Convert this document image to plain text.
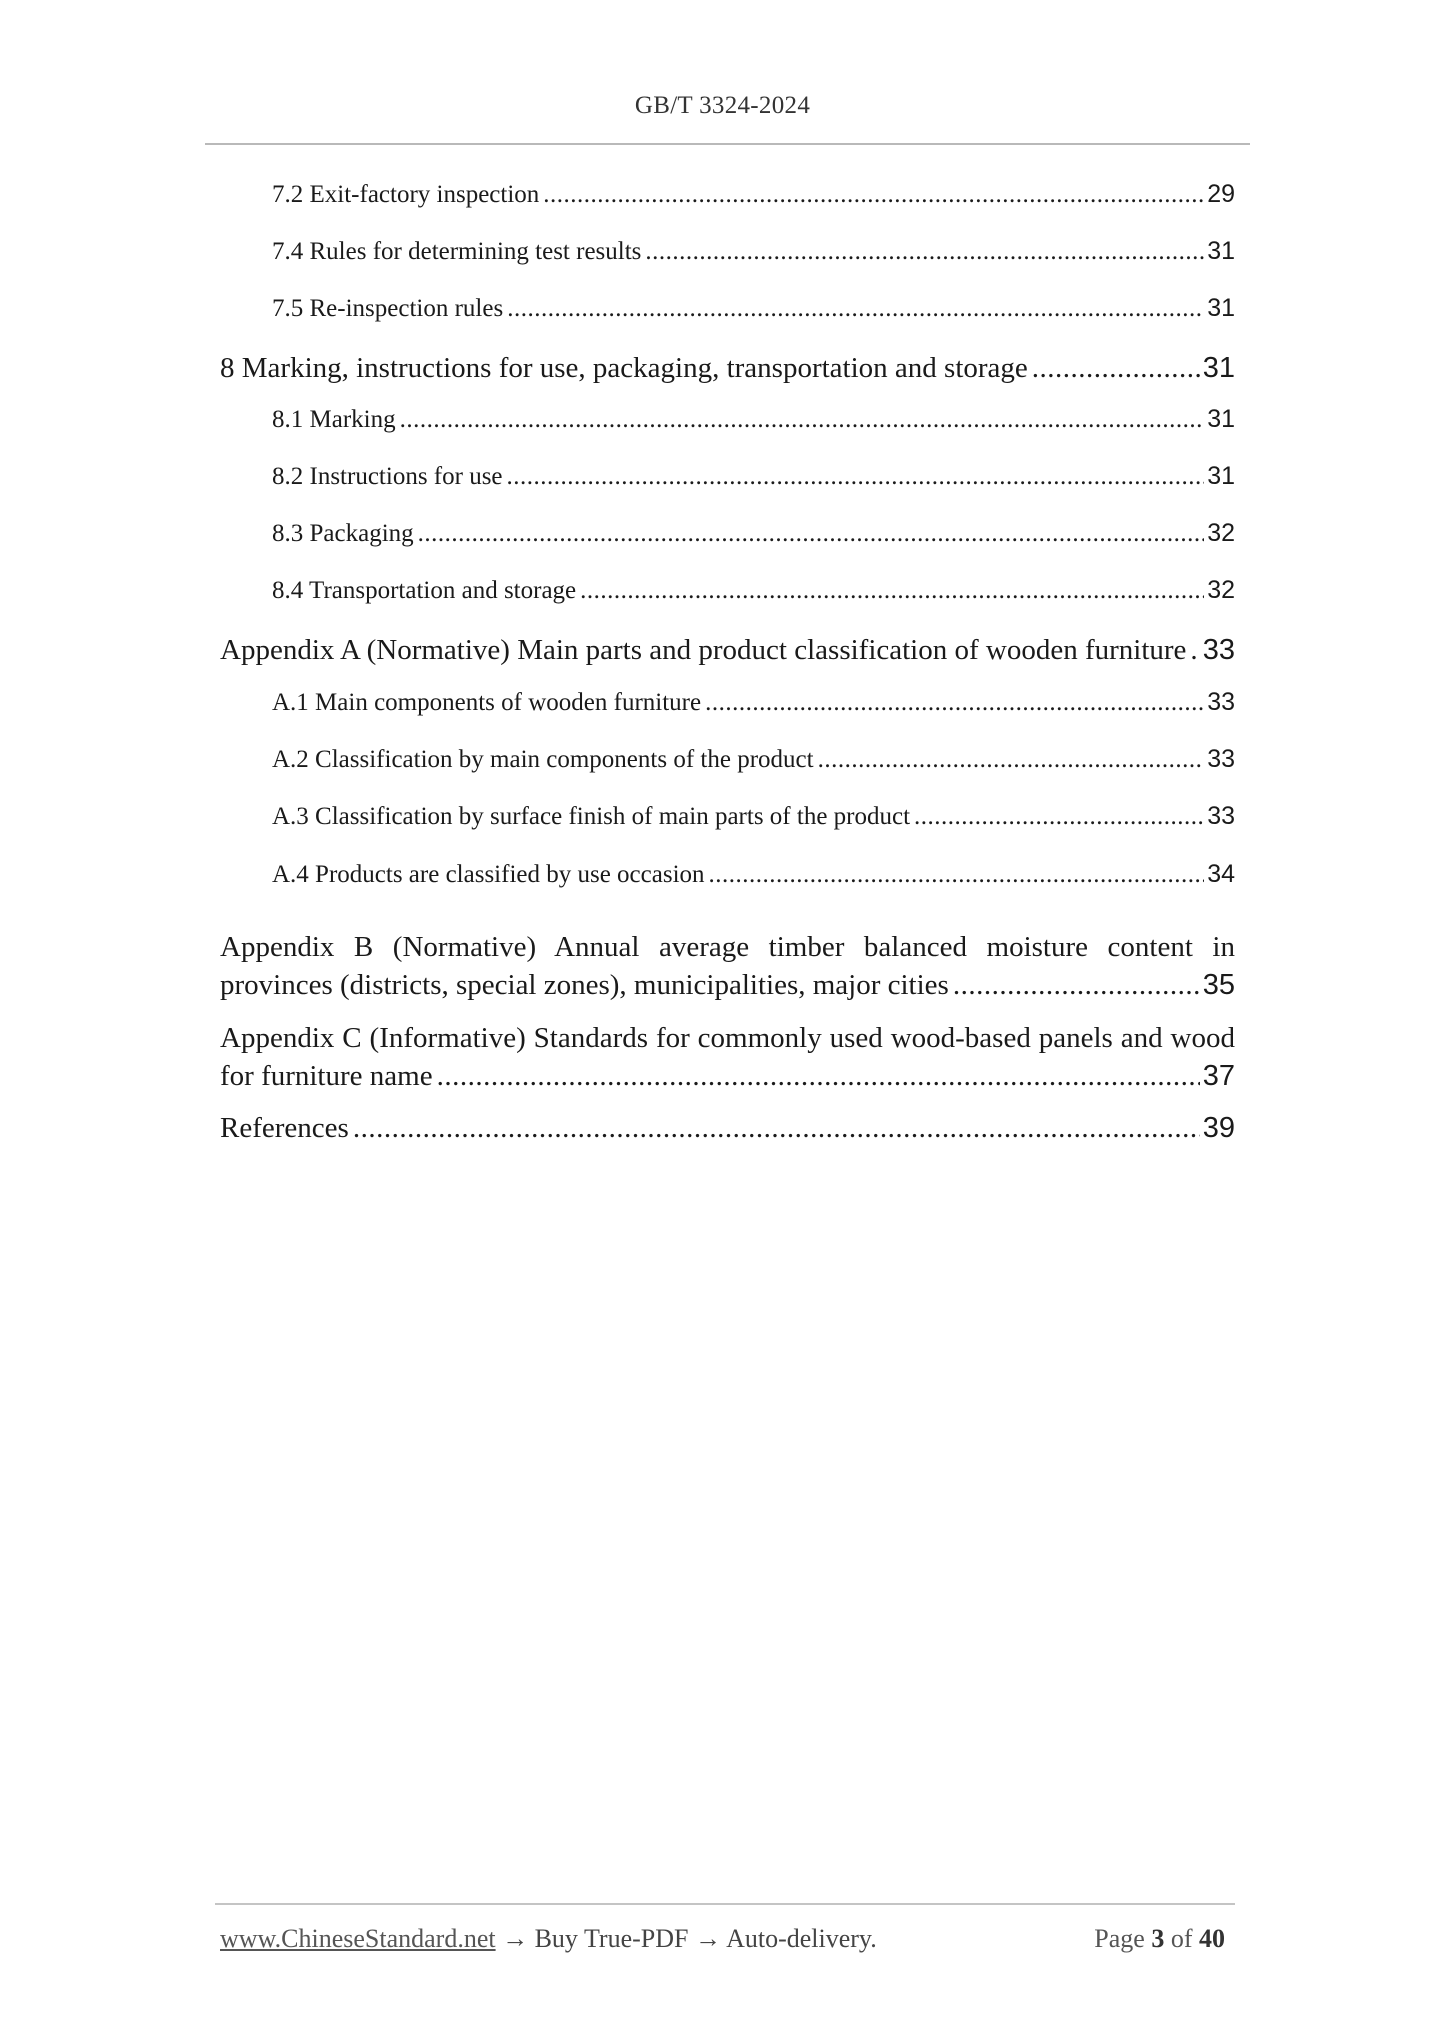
GB/T 3324-2024
7.2 Exit-factory inspection .....	29
7.4 Rules for determining test results .....	31
7.5 Re-inspection rules .....	31
8 Marking, instructions for use, packaging, transportation and storage .....	31
8.1 Marking .....	31
8.2 Instructions for use .....	31
8.3 Packaging .....	32
8.4 Transportation and storage .....	32
Appendix A (Normative) Main parts and product classification of wooden furniture ..... 33
A.1 Main components of wooden furniture .....	33
A.2 Classification by main components of the product .....	33
A.3 Classification by surface finish of main parts of the product .....	33
A.4 Products are classified by use occasion .....	34
Appendix B (Normative) Annual average timber balanced moisture content in
provinces (districts, special zones), municipalities, major cities .....	35
Appendix C (Informative) Standards for commonly used wood-based panels and wood
for furniture name .....	37
References .....	39
www.ChineseStandard.net → Buy True-PDF → Auto-delivery.	Page 3 of 40
